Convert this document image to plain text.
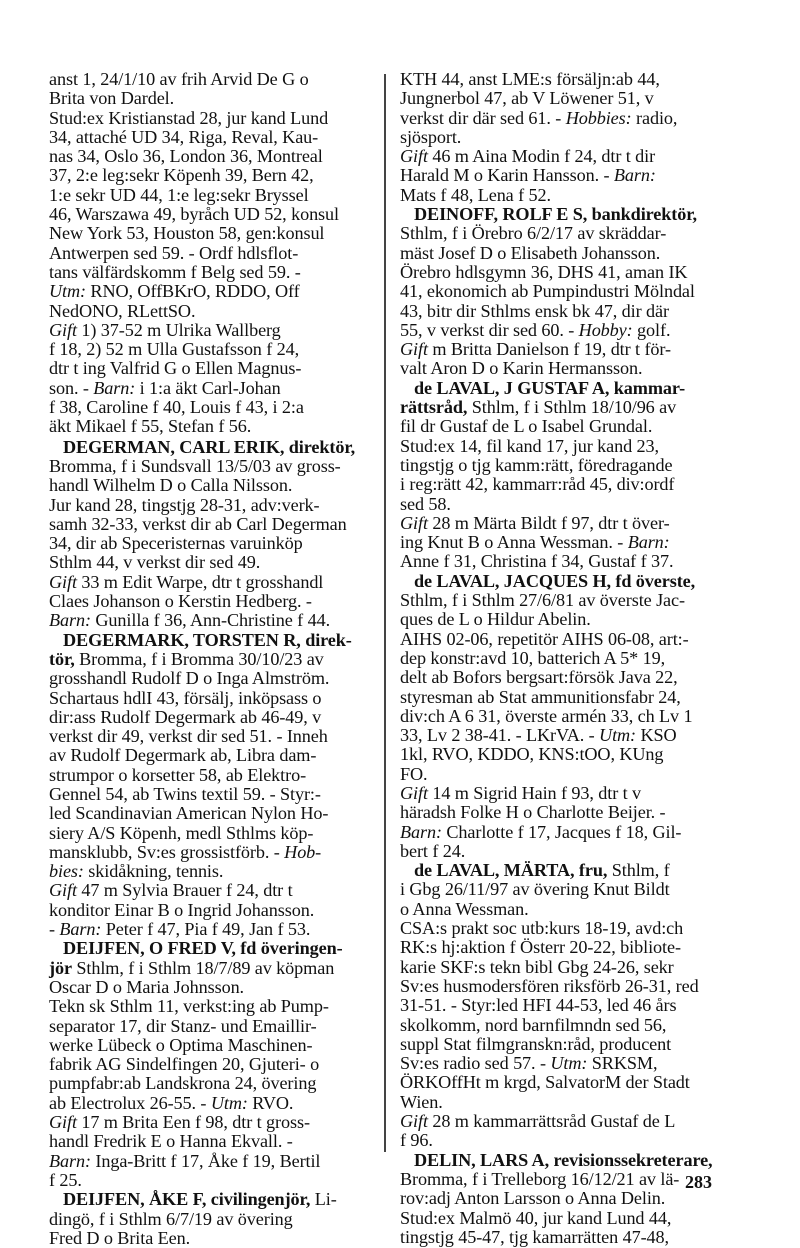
anst 1, 24/1/10 av frih Arvid De G o
Brita von Dardel.
Stud:ex Kristianstad 28, jur kand Lund
34, attaché UD 34, Riga, Reval, Kau-
nas 34, Oslo 36, London 36, Montreal
37, 2:e leg:sekr Köpenh 39, Bern 42,
1:e sekr UD 44, 1:e leg:sekr Bryssel
46, Warszawa 49, byråch UD 52, konsul
New York 53, Houston 58, gen:konsul
Antwerpen sed 59. - Ordf hdlsflot-
tans välfärdskomm f Belg sed 59. -
Utm: RNO, OffBKrO, RDDO, Off
NedONO, RLettSO.
Gift 1) 37-52 m Ulrika Wallberg
f 18, 2) 52 m Ulla Gustafsson f 24,
dtr t ing Valfrid G o Ellen Magnus-
son. - Barn: i 1:a äkt Carl-Johan
f 38, Caroline f 40, Louis f 43, i 2:a
äkt Mikael f 55, Stefan f 56.
DEGERMAN, CARL ERIK, direktör,
Bromma, f i Sundsvall 13/5/03 av gross-
handl Wilhelm D o Calla Nilsson.
Jur kand 28, tingstjg 28-31, adv:verk-
samh 32-33, verkst dir ab Carl Degerman
34, dir ab Speceristernas varuinköp
Sthlm 44, v verkst dir sed 49.
Gift 33 m Edit Warpe, dtr t grosshandl
Claes Johanson o Kerstin Hedberg. -
Barn: Gunilla f 36, Ann-Christine f 44.
DEGERMARK, TORSTEN R, direk-
tör, Bromma, f i Bromma 30/10/23 av
grosshandl Rudolf D o Inga Almström.
Schartaus hdlI 43, försälj, inköpsass o
dir:ass Rudolf Degermark ab 46-49, v
verkst dir 49, verkst dir sed 51. - Inneh
av Rudolf Degermark ab, Libra dam-
strumpor o korsetter 58, ab Elektro-
Gennel 54, ab Twins textil 59. - Styr:-
led Scandinavian American Nylon Ho-
siery A/S Köpenh, medl Sthlms köp-
mansklubb, Sv:es grossistförb. - Hob-
bies: skidåkning, tennis.
Gift 47 m Sylvia Brauer f 24, dtr t
konditor Einar B o Ingrid Johansson.
- Barn: Peter f 47, Pia f 49, Jan f 53.
DEIJFEN, O FRED V, fd överingen-
jör Sthlm, f i Sthlm 18/7/89 av köpman
Oscar D o Maria Johnsson.
Tekn sk Sthlm 11, verkst:ing ab Pump-
separator 17, dir Stanz- und Emaillir-
werke Lübeck o Optima Maschinen-
fabrik AG Sindelfingen 20, Gjuteri- o
pumpfabr:ab Landskrona 24, övering
ab Electrolux 26-55. - Utm: RVO.
Gift 17 m Brita Een f 98, dtr t gross-
handl Fredrik E o Hanna Ekvall. -
Barn: Inga-Britt f 17, Åke f 19, Bertil
f 25.
DEIJFEN, ÅKE F, civilingenjör, Li-
dingö, f i Sthlm 6/7/19 av övering
Fred D o Brita Een.
KTH 44, anst LME:s försäljn:ab 44,
Jungnerbol 47, ab V Löwener 51, v
verkst dir där sed 61. - Hobbies: radio,
sjösport.
Gift 46 m Aina Modin f 24, dtr t dir
Harald M o Karin Hansson. - Barn:
Mats f 48, Lena f 52.
DEINOFF, ROLF E S, bankdirektör,
Sthlm, f i Örebro 6/2/17 av skräddar-
mäst Josef D o Elisabeth Johansson.
Örebro hdlsgymn 36, DHS 41, aman IK
41, ekonomich ab Pumpindustri Mölndal
43, bitr dir Sthlms ensk bk 47, dir där
55, v verkst dir sed 60. - Hobby: golf.
Gift m Britta Danielson f 19, dtr t för-
valt Aron D o Karin Hermansson.
de LAVAL, J GUSTAF A, kammar-
rättsråd, Sthlm, f i Sthlm 18/10/96 av
fil dr Gustaf de L o Isabel Grundal.
Stud:ex 14, fil kand 17, jur kand 23,
tingstjg o tjg kamm:rätt, föredragande
i reg:rätt 42, kammarr:råd 45, div:ordf
sed 58.
Gift 28 m Märta Bildt f 97, dtr t över-
ing Knut B o Anna Wessman. - Barn:
Anne f 31, Christina f 34, Gustaf f 37.
de LAVAL, JACQUES H, fd överste,
Sthlm, f i Sthlm 27/6/81 av överste Jac-
ques de L o Hildur Abelin.
AIHS 02-06, repetitör AIHS 06-08, art:-
dep konstr:avd 10, batterich A 5* 19,
delt ab Bofors bergsart:försök Java 22,
styresman ab Stat ammunitionsfabr 24,
div:ch A 6 31, överste armén 33, ch Lv 1
33, Lv 2 38-41. - LKrVA. - Utm: KSO
1kl, RVO, KDDO, KNS:tOO, KUng
FO.
Gift 14 m Sigrid Hain f 93, dtr t v
häradsh Folke H o Charlotte Beijer. -
Barn: Charlotte f 17, Jacques f 18, Gil-
bert f 24.
de LAVAL, MÄRTA, fru, Sthlm, f
i Gbg 26/11/97 av övering Knut Bildt
o Anna Wessman.
CSA:s prakt soc utb:kurs 18-19, avd:ch
RK:s hj:aktion f Österr 20-22, bibliote-
karie SKF:s tekn bibl Gbg 24-26, sekr
Sv:es husmodersfören riksförb 26-31, red
31-51. - Styr:led HFI 44-53, led 46 års
skolkomm, nord barnfilmndn sed 56,
suppl Stat filmgranskn:råd, producent
Sv:es radio sed 57. - Utm: SRKSM,
ÖRKOffHt m krgd, SalvatorM der Stadt
Wien.
Gift 28 m kammarrättsråd Gustaf de L
f 96.
DELIN, LARS A, revisionssekreterare,
Bromma, f i Trelleborg 16/12/21 av lä-
rov:adj Anton Larsson o Anna Delin.
Stud:ex Malmö 40, jur kand Lund 44,
tingstjg 45-47, tjg kamarrätten 47-48,
283
